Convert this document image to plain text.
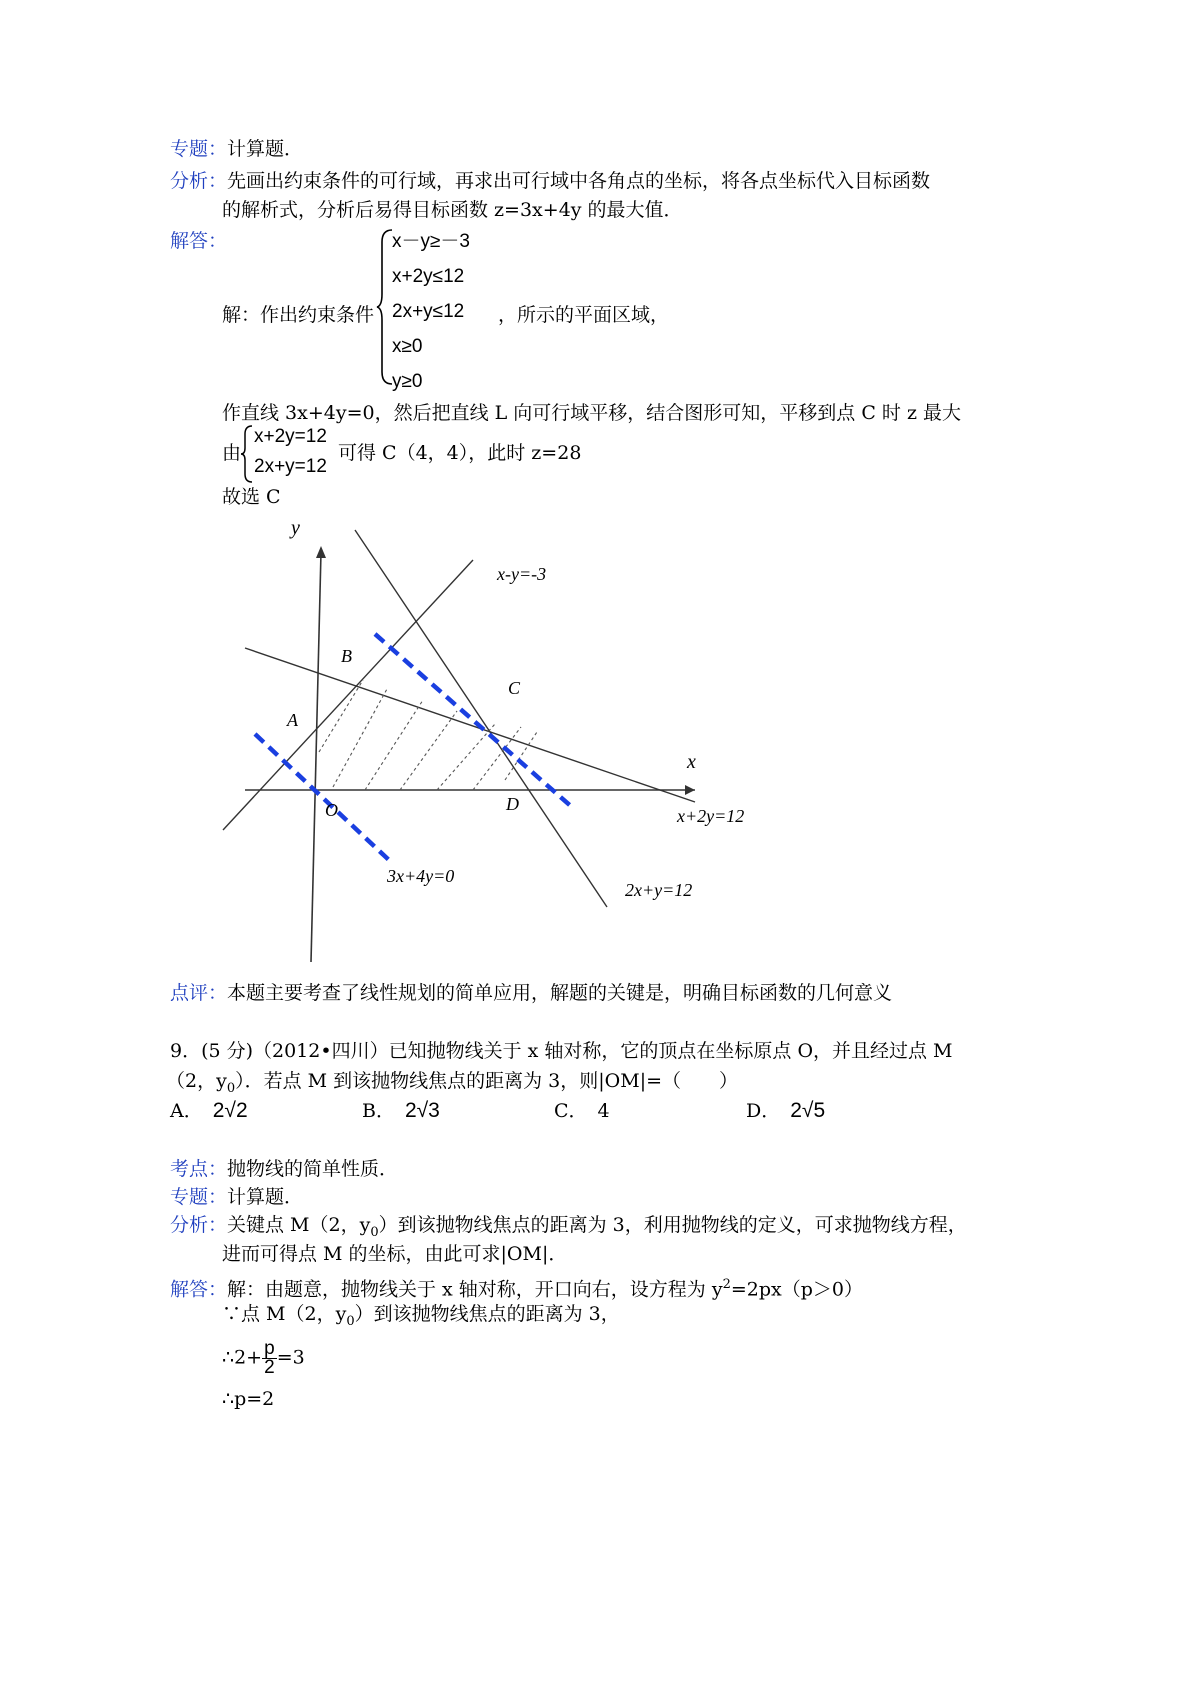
专题：计算题．
分析：先画出约束条件的可行域，再求出可行域中各角点的坐标，将各点坐标代入目标函数
的解析式，分析后易得目标函数 z=3x+4y 的最大值．
解答：
解：作出约束条件
x－y≥－3
x+2y≤12
2x+y≤12
x≥0
y≥0
，所示的平面区域，
作直线 3x+4y=0，然后把直线 L 向可行域平移，结合图形可知，平移到点 C 时 z 最大
由
x+2y=12
2x+y=12
可得 C（4，4），此时 z=28
故选 C
y
x
A
B
C
D
O
x-y=-3
x+2y=12
2x+y=12
3x+4y=0
点评：本题主要考查了线性规划的简单应用，解题的关键是，明确目标函数的几何意义
9．(5 分)（2012•四川）已知抛物线关于 x 轴对称，它的顶点在坐标原点 O，并且经过点 M
（2，$y_0$）．若点 M 到该抛物线焦点的距离为 3，则|OM|=（　　）
A． 2√2	B． 2√3	C． 4	D． 2√5
考点：抛物线的简单性质．
专题：计算题．
分析：关键点 M（2，$y_0$）到该抛物线焦点的距离为 3，利用抛物线的定义，可求抛物线方程，
进而可得点 M 的坐标，由此可求|OM|．
解答：解：由题意，抛物线关于 x 轴对称，开口向右，设方程为 $y^2=2px(p>0)$
∵点 M（2，$y_0$）到该抛物线焦点的距离为 3，
∴2+ $\frac{p}{2} =3$
∴p=2
